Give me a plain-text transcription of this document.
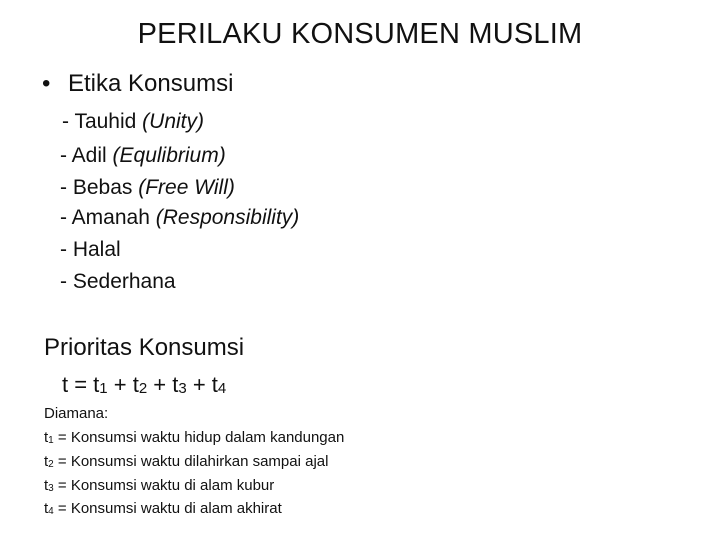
PERILAKU KONSUMEN MUSLIM
• Etika Konsumsi
- Tauhid (Unity)
- Adil (Equlibrium)
- Bebas (Free Will)
- Amanah (Responsibility)
- Halal
- Sederhana
Prioritas Konsumsi
$t = t_1 + t_2 + t_3 + t_4$
Diamana:
$t_1$ = Konsumsi waktu hidup dalam kandungan
$t_2$ = Konsumsi waktu dilahirkan sampai ajal
$t_3$ = Konsumsi waktu di alam kubur
$t_4$ = Konsumsi waktu di alam akhirat
